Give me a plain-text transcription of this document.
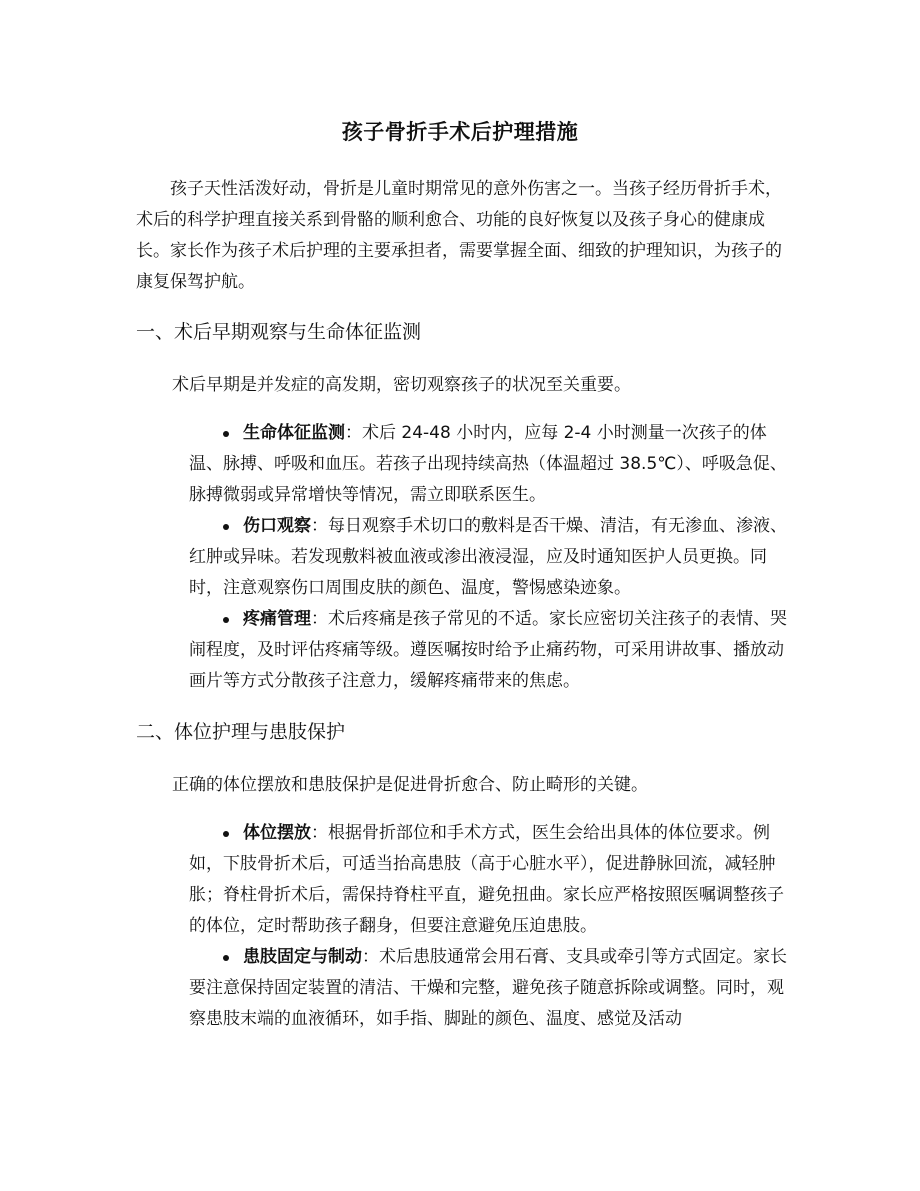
孩子骨折手术后护理措施

孩子天性活泼好动，骨折是儿童时期常见的意外伤害之一。当孩子经历骨折手术，术后的科学护理直接关系到骨骼的顺利愈合、功能的良好恢复以及孩子身心的健康成长。家长作为孩子术后护理的主要承担者，需要掌握全面、细致的护理知识，为孩子的康复保驾护航。

一、术后早期观察与生命体征监测

术后早期是并发症的高发期，密切观察孩子的状况至关重要。

生命体征监测：术后 24-48 小时内，应每 2-4 小时测量一次孩子的体温、脉搏、呼吸和血压。若孩子出现持续高热（体温超过 38.5℃）、呼吸急促、脉搏微弱或异常增快等情况，需立即联系医生。
伤口观察：每日观察手术切口的敷料是否干燥、清洁，有无渗血、渗液、红肿或异味。若发现敷料被血液或渗出液浸湿，应及时通知医护人员更换。同时，注意观察伤口周围皮肤的颜色、温度，警惕感染迹象。
疼痛管理：术后疼痛是孩子常见的不适。家长应密切关注孩子的表情、哭闹程度，及时评估疼痛等级。遵医嘱按时给予止痛药物，可采用讲故事、播放动画片等方式分散孩子注意力，缓解疼痛带来的焦虑。
二、体位护理与患肢保护

正确的体位摆放和患肢保护是促进骨折愈合、防止畸形的关键。

体位摆放：根据骨折部位和手术方式，医生会给出具体的体位要求。例如，下肢骨折术后，可适当抬高患肢（高于心脏水平），促进静脉回流，减轻肿胀；脊柱骨折术后，需保持脊柱平直，避免扭曲。家长应严格按照医嘱调整孩子的体位，定时帮助孩子翻身，但要注意避免压迫患肢。
患肢固定与制动：术后患肢通常会用石膏、支具或牵引等方式固定。家长要注意保持固定装置的清洁、干燥和完整，避免孩子随意拆除或调整。同时，观察患肢末端的血液循环，如手指、脚趾的颜色、温度、感觉及活动
